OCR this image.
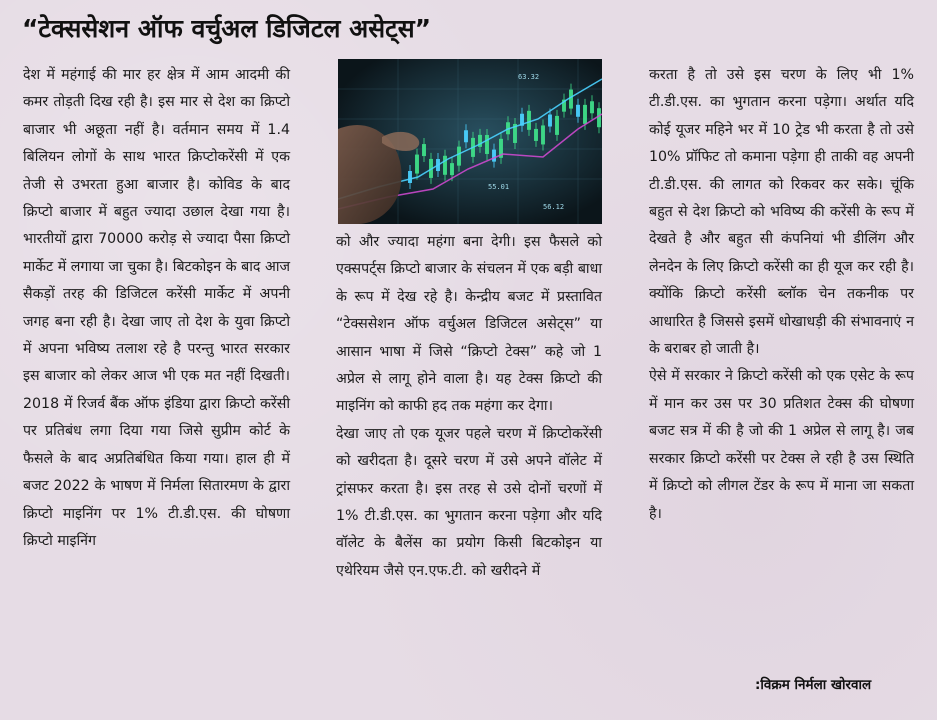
“टेक्ससेशन ऑफ वर्चुअल डिजिटल असेट्स”

देश में महंगाई की मार हर क्षेत्र में आम आदमी की कमर तोड़ती दिख रही है। इस मार से देश का क्रिप्टो बाजार भी अछूता नहीं है। वर्तमान समय में 1.4 बिलियन लोगों के साथ भारत क्रिप्टोकरेंसी में एक तेजी से उभरता हुआ बाजार है। कोविड के बाद क्रिप्टो बाजार में बहुत ज्यादा उछाल देखा गया है। भारतीयों द्वारा 70000 करोड़ से ज्यादा पैसा क्रिप्टो मार्केट में लगाया जा चुका है। बिटकोइन के बाद आज सैकड़ों तरह की डिजिटल करेंसी मार्केट में अपनी जगह बना रही है। देखा जाए तो देश के युवा क्रिप्टो में अपना भविष्य तलाश रहे है परन्तु भारत सरकार इस बाजार को लेकर आज भी एक मत नहीं दिखती। 2018 में रिजर्व बैंक ऑफ इंडिया द्वारा क्रिप्टो करेंसी पर प्रतिबंध लगा दिया गया जिसे सुप्रीम कोर्ट के फैसले के बाद अप्रतिबंधित किया गया। हाल ही में बजट 2022 के भाषण में निर्मला सितारमण के द्वारा क्रिप्टो माइनिंग पर 1% टी.डी.एस. की घोषणा क्रिप्टो माइनिंग

63.32
55.01
56.12

को और ज्यादा महंगा बना देगी। इस फैसले को एक्सपर्ट्स क्रिप्टो बाजार के संचलन में एक बड़ी बाधा के रूप में देख रहे है। केन्द्रीय बजट में प्रस्तावित “टेक्ससेशन ऑफ वर्चुअल डिजिटल असेट्स” या आसान भाषा में जिसे “क्रिप्टो टेक्स” कहे जो 1 अप्रेल से लागू होने वाला है। यह टेक्स क्रिप्टो की माइनिंग को काफी हद तक महंगा कर देगा।

देखा जाए तो एक यूजर पहले चरण में क्रिप्टोकरेंसी को खरीदता है। दूसरे चरण में उसे अपने वॉलेट में ट्रांसफर करता है। इस तरह से उसे दोनों चरणों में 1% टी.डी.एस. का भुगतान करना पड़ेगा और यदि वॉलेट के बैलेंस का प्रयोग किसी बिटकोइन या एथेरियम जैसे एन.एफ.टी. को खरीदने में

करता है तो उसे इस चरण के लिए भी 1% टी.डी.एस. का भुगतान करना पड़ेगा। अर्थात यदि कोई यूजर महिने भर में 10 ट्रेड भी करता है तो उसे 10% प्रॉफिट तो कमाना पड़ेगा ही ताकी वह अपनी टी.डी.एस. की लागत को रिकवर कर सके। चूंकि बहुत से देश क्रिप्टो को भविष्य की करेंसी के रूप में देखते है और बहुत सी कंपनियां भी डीलिंग और लेनदेन के लिए क्रिप्टो करेंसी का ही यूज कर रही है। क्योंकि क्रिप्टो करेंसी ब्लॉक चेन तकनीक पर आधारित है जिससे इसमें धोखाधड़ी की संभावनाएं न के बराबर हो जाती है।

ऐसे में सरकार ने क्रिप्टो करेंसी को एक एसेट के रूप में मान कर उस पर 30 प्रतिशत टेक्स की घोषणा बजट सत्र में की है जो की 1 अप्रेल से लागू है। जब सरकार क्रिप्टो करेंसी पर टेक्स ले रही है उस स्थिति में क्रिप्टो को लीगल टेंडर के रूप में माना जा सकता है।

:विक्रम निर्मला खोरवाल
